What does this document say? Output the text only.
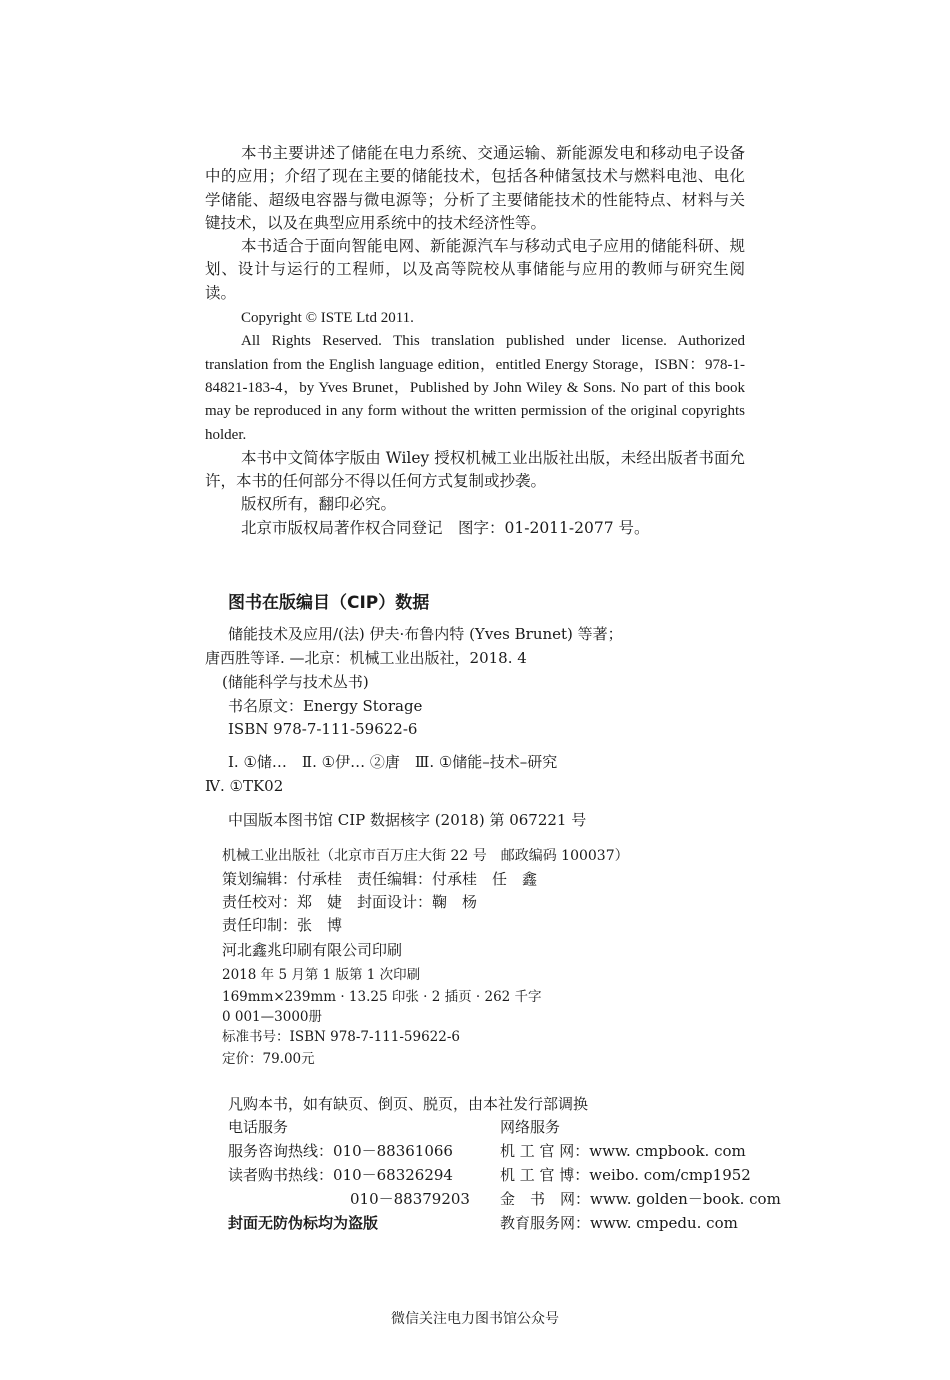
本书主要讲述了储能在电力系统、交通运输、新能源发电和移动电子设备中的应用；介绍了现在主要的储能技术，包括各种储氢技术与燃料电池、电化学储能、超级电容器与微电源等；分析了主要储能技术的性能特点、材料与关键技术，以及在典型应用系统中的技术经济性等。

本书适合于面向智能电网、新能源汽车与移动式电子应用的储能科研、规划、设计与运行的工程师，以及高等院校从事储能与应用的教师与研究生阅读。

Copyright © ISTE Ltd 2011.

All Rights Reserved. This translation published under license. Authorized translation from the English language edition，entitled Energy Storage，ISBN：978-1-84821-183-4，by Yves Brunet，Published by John Wiley & Sons. No part of this book may be reproduced in any form without the written permission of the original copyrights holder.

本书中文简体字版由 Wiley 授权机械工业出版社出版，未经出版者书面允许，本书的任何部分不得以任何方式复制或抄袭。

版权所有，翻印必究。

北京市版权局著作权合同登记　图字：01-2011-2077 号。

图书在版编目（CIP）数据
储能技术及应用/(法) 伊夫·布鲁内特 (Yves Brunet) 等著；
唐西胜等译. —北京：机械工业出版社，2018. 4
(储能科学与技术丛书)
书名原文：Energy Storage
ISBN 978-7-111-59622-6
Ⅰ. ①储…　Ⅱ. ①伊… ②唐　Ⅲ. ①储能–技术–研究
Ⅳ. ①TK02
中国版本图书馆 CIP 数据核字 (2018) 第 067221 号
机械工业出版社（北京市百万庄大街 22 号　邮政编码 100037）
策划编辑：付承桂　责任编辑：付承桂　任　鑫
责任校对：郑　婕　封面设计：鞠　杨
责任印制：张　博
河北鑫兆印刷有限公司印刷
2018 年 5 月第 1 版第 1 次印刷
169mm×239mm · 13.25 印张 · 2 插页 · 262 千字
0 001—3000册
标准书号：ISBN 978-7-111-59622-6
定价：79.00元
凡购本书，如有缺页、倒页、脱页，由本社发行部调换
电话服务	网络服务
服务咨询热线：010－88361066	机 工 官 网：www. cmpbook. com
读者购书热线：010－68326294	机 工 官 博：weibo. com/cmp1952
010－88379203 金　书　网：www. golden－book. com
封面无防伪标均为盗版	教育服务网：www. cmpedu. com
微信关注电力图书馆公众号
